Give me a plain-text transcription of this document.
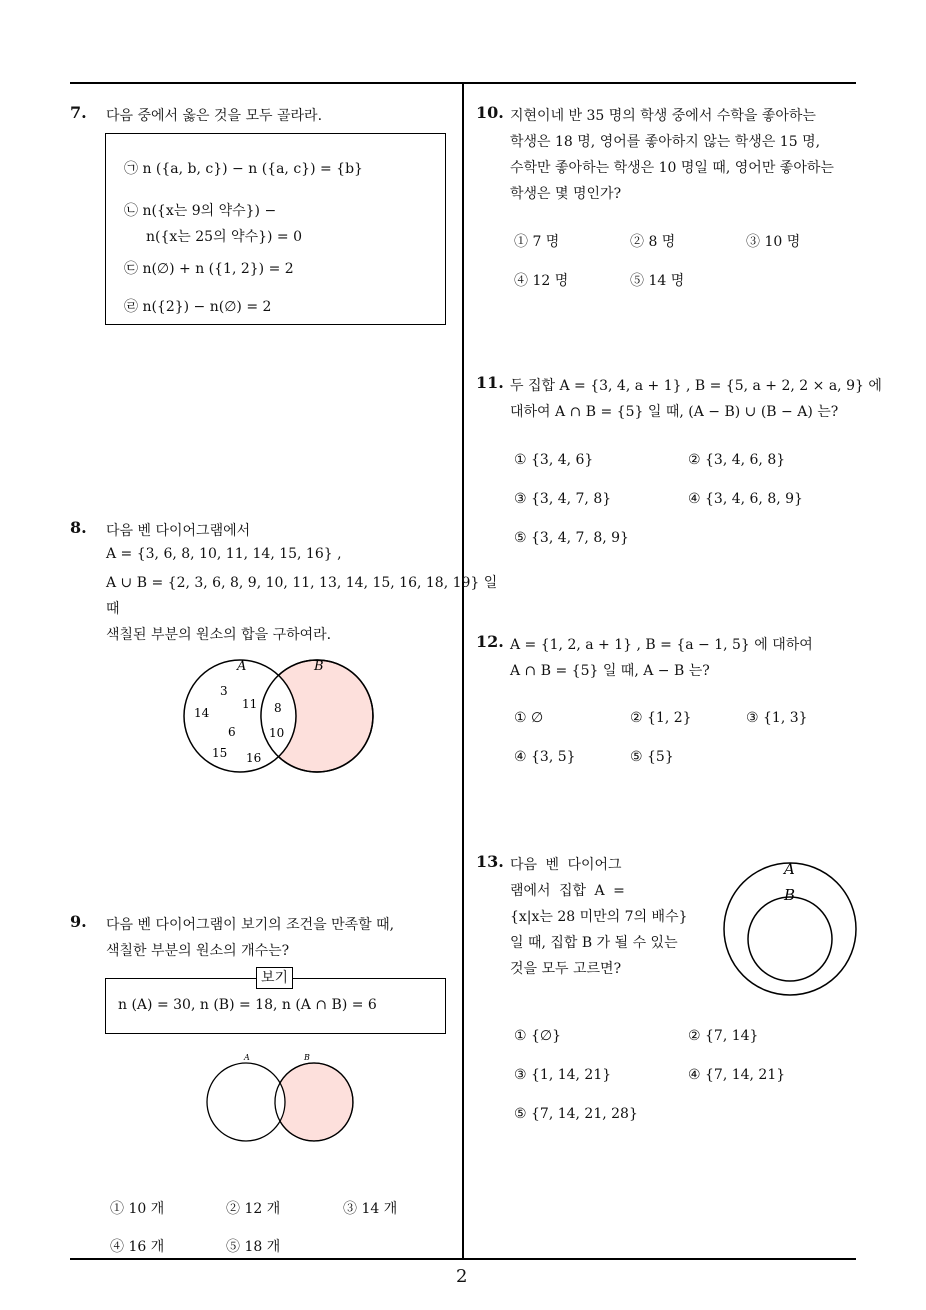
2
7. 다음 중에서 옳은 것을 모두 골라라.
㉠ n ({a, b, c}) − n ({a, c}) = {b}
㉡ n({x는 9의 약수}) −
n({x는 25의 약수}) = 0
㉢ n(∅) + n ({1, 2}) = 2
㉣ n({2}) − n(∅) = 2
8. 다음 벤 다이어그램에서
A = {3, 6, 8, 10, 11, 14, 15, 16} ,
A ∪ B = {2, 3, 6, 8, 9, 10, 11, 13, 14, 15, 16, 18, 19} 일
때
색칠된 부분의 원소의 합을 구하여라.
A	B
3
11
14	8
6	10
15 16
9. 다음 벤 다이어그램이 보기의 조건을 만족할 때,
색칠한 부분의 원소의 개수는?
n (A) = 30, n (B) = 18, n (A ∩ B) = 6
보기
A	B
① 10 개	② 12 개	③ 14 개
④ 16 개	⑤ 18 개
10. 지현이네 반 35 명의 학생 중에서 수학을 좋아하는
학생은 18 명, 영어를 좋아하지 않는 학생은 15 명,
수학만 좋아하는 학생은 10 명일 때, 영어만 좋아하는
학생은 몇 명인가?
① 7 명	② 8 명	③ 10 명
④ 12 명	⑤ 14 명
11. 두 집합 A = {3, 4, a + 1} , B = {5, a + 2, 2 × a, 9} 에
대하여 A ∩ B = {5} 일 때, (A − B) ∪ (B − A) 는?
① {3, 4, 6}	② {3, 4, 6, 8}
③ {3, 4, 7, 8}	④ {3, 4, 6, 8, 9}
⑤ {3, 4, 7, 8, 9}
12. A = {1, 2, a + 1} , B = {a − 1, 5} 에 대하여
A ∩ B = {5} 일 때, A − B 는?
① ∅	② {1, 2}	③ {1, 3}
④ {3, 5}	⑤ {5}
13. 다음 벤 다이어그
램에서 집합 A =
{x|x는 28 미만의 7의 배수}
일 때, 집합 B 가 될 수 있는
것을 모두 고르면?
A
B
① {∅}	② {7, 14}
③ {1, 14, 21}	④ {7, 14, 21}
⑤ {7, 14, 21, 28}
